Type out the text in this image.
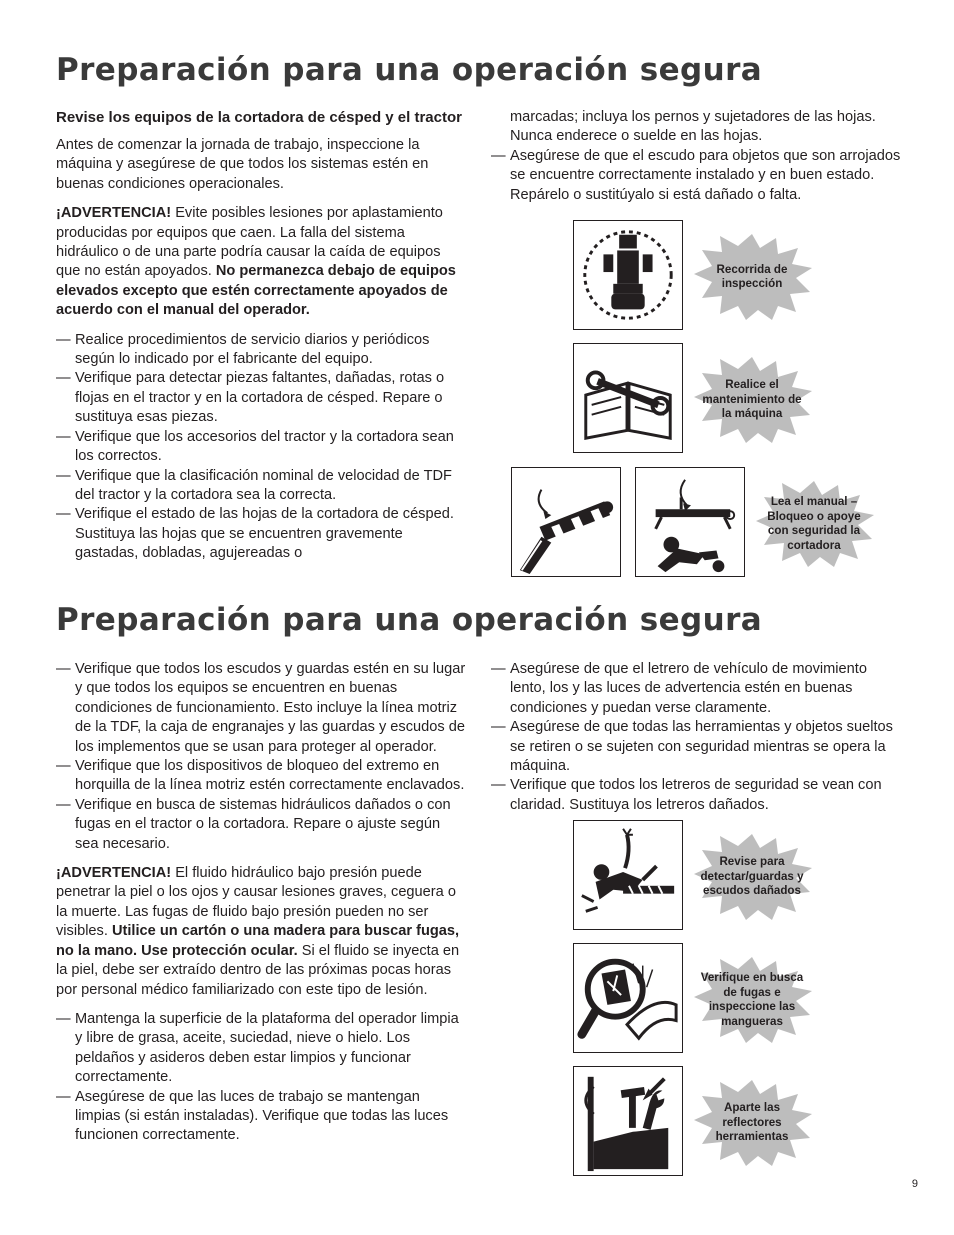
Preparación para una operación segura
Revise los equipos de la cortadora de césped y el tractor

Antes de comenzar la jornada de trabajo, inspeccione la máquina y asegúrese de que todos los sistemas estén en buenas condiciones operacionales.

¡ADVERTENCIA! Evite posibles lesiones por aplastamiento producidas por equipos que caen. La falla del sistema hidráulico o de una parte podría causar la caída de equipos que no están apoyados. No permanezca debajo de equipos elevados excepto que estén correctamente apoyados de acuerdo con el manual del operador.

— Realice procedimientos de servicio diarios y periódicos según lo indicado por el fabricante del equipo.
— Verifique para detectar piezas faltantes, dañadas, rotas o flojas en el tractor y en la cortadora de césped. Repare o sustituya esas piezas.
— Verifique que los accesorios del tractor y la cortadora sean los correctos.
— Verifique que la clasificación nominal de velocidad de TDF del tractor y la cortadora sea la correcta.
— Verifique el estado de las hojas de la cortadora de césped. Sustituya las hojas que se encuentren gravemente gastadas, dobladas, agujereadas o
marcadas; incluya los pernos y sujetadores de las hojas. Nunca enderece o suelde en las hojas.
— Asegúrese de que el escudo para objetos que son arrojados se encuentre correctamente instalado y en buen estado. Repárelo o sustitúyalo si está dañado o falta.
Recorrida de inspección
Realice el mantenimiento de la máquina
Lea el manual – Bloqueo o apoye con seguridad la cortadora
Preparación para una operación segura
— Verifique que todos los escudos y guardas estén en su lugar y que todos los equipos se encuentren en buenas condiciones de funcionamiento. Esto incluye la línea motriz de la TDF, la caja de engranajes y las guardas y escudos de los implementos que se usan para proteger al operador.
— Verifique que los dispositivos de bloqueo del extremo en horquilla de la línea motriz estén correctamente enclavados.
— Verifique en busca de sistemas hidráulicos dañados o con fugas en el tractor o la cortadora. Repare o ajuste según sea necesario.

¡ADVERTENCIA! El fluido hidráulico bajo presión puede penetrar la piel o los ojos y causar lesiones graves, ceguera o la muerte. Las fugas de fluido bajo presión pueden no ser visibles. Utilice un cartón o una madera para buscar fugas, no la mano. Use protección ocular. Si el fluido se inyecta en la piel, debe ser extraído dentro de las próximas pocas horas por personal médico familiarizado con este tipo de lesión.

— Mantenga la superficie de la plataforma del operador limpia y libre de grasa, aceite, suciedad, nieve o hielo. Los peldaños y asideros deben estar limpios y funcionar correctamente.
— Asegúrese de que las luces de trabajo se mantengan limpias (si están instaladas). Verifique que todas las luces funcionen correctamente.
— Asegúrese de que el letrero de vehículo de movimiento lento, los y las luces de advertencia estén en buenas condiciones y puedan verse claramente.
— Asegúrese de que todas las herramientas y objetos sueltos se retiren o se sujeten con seguridad mientras se opera la máquina.
— Verifique que todos los letreros de seguridad se vean con claridad. Sustituya los letreros dañados.
Revise para detectar/guardas y escudos dañados
Verifique en busca de fugas e inspeccione las mangueras
Aparte las reflectores herramientas
9
